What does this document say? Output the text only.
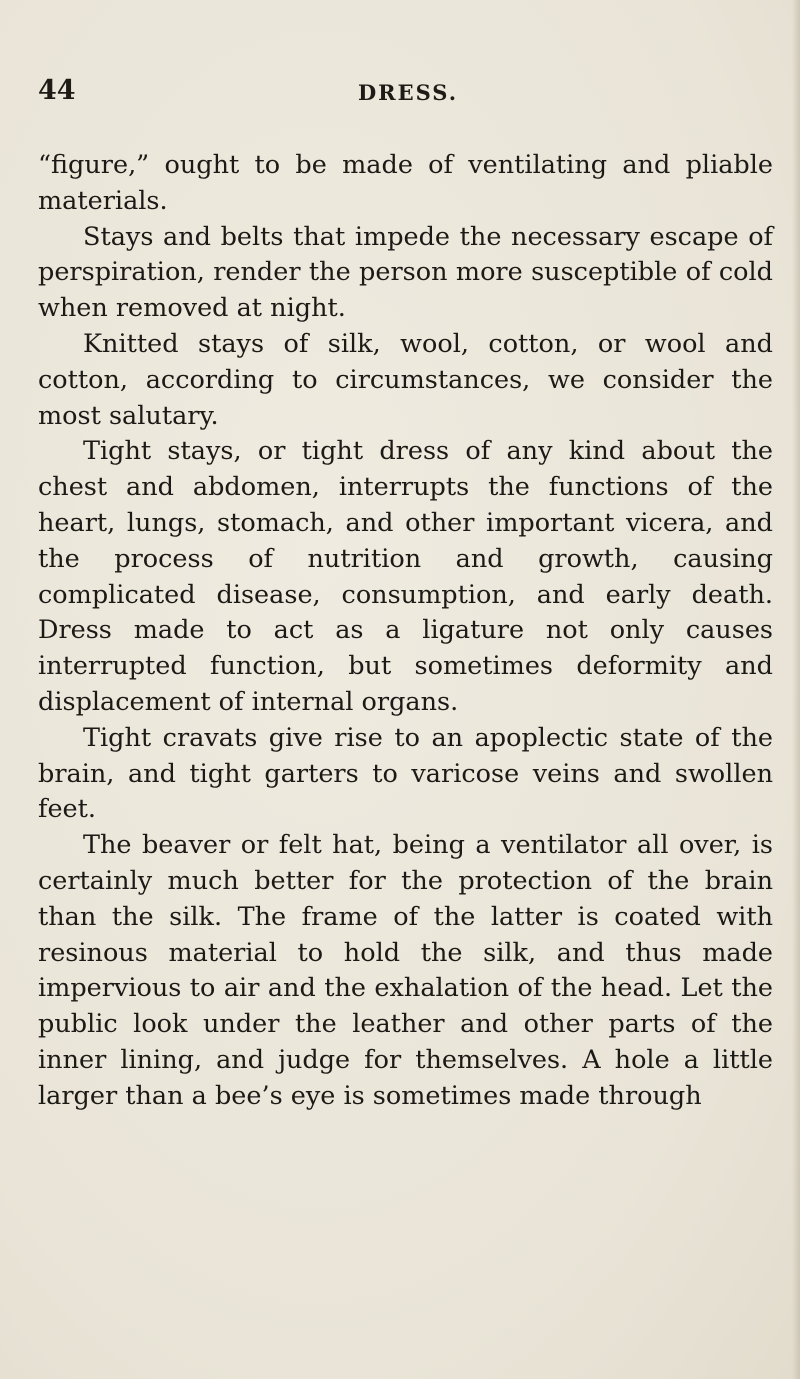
44	DRESS.

“figure,” ought to be made of ventilating and pliable materials.

Stays and belts that impede the necessary escape of perspiration, render the person more susceptible of cold when removed at night.

Knitted stays of silk, wool, cotton, or wool and cotton, according to circumstances, we consider the most salutary.

Tight stays, or tight dress of any kind about the chest and abdomen, interrupts the functions of the heart, lungs, stomach, and other important vicera, and the process of nutrition and growth, causing complicated disease, consumption, and early death. Dress made to act as a ligature not only causes interrupted function, but sometimes deformity and displacement of internal organs.

Tight cravats give rise to an apoplectic state of the brain, and tight garters to varicose veins and swollen feet.

The beaver or felt hat, being a ventilator all over, is certainly much better for the protection of the brain than the silk. The frame of the latter is coated with resinous material to hold the silk, and thus made impervious to air and the exhalation of the head. Let the public look under the leather and other parts of the inner lining, and judge for themselves. A hole a little larger than a bee’s eye is sometimes made through
